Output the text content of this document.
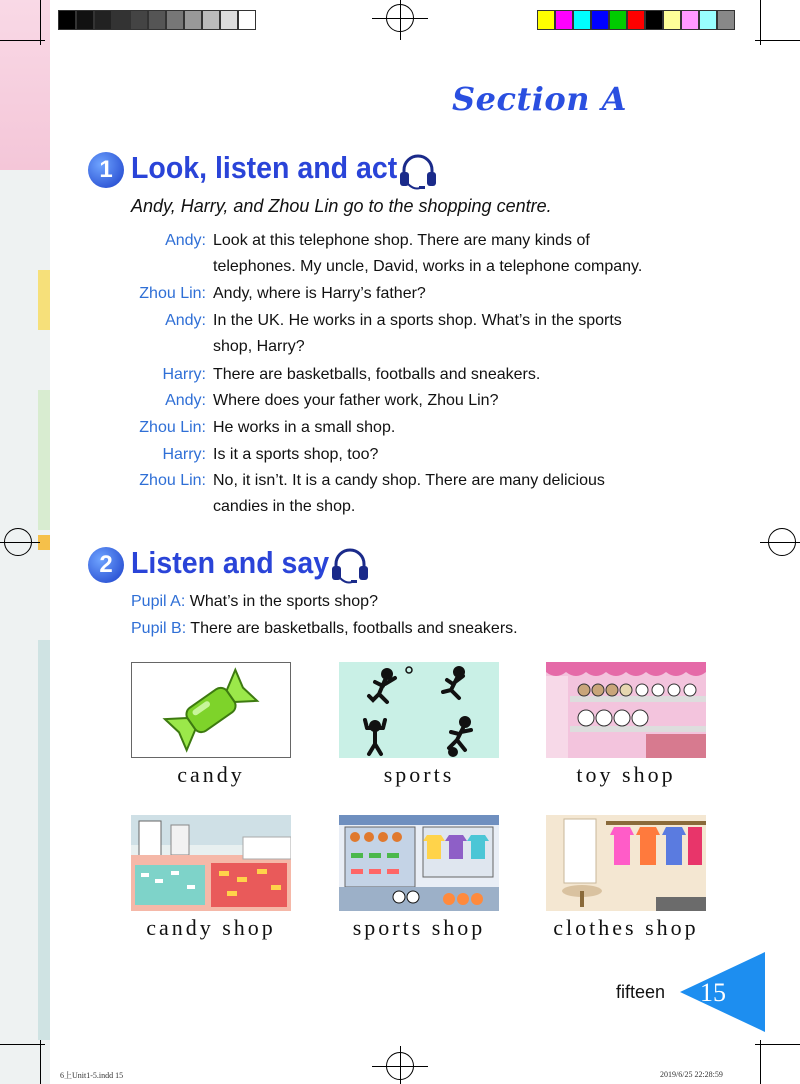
Section A
1 Look, listen and act
Andy, Harry, and Zhou Lin go to the shopping centre.
Andy: Look at this telephone shop. There are many kinds of
telephones. My uncle, David, works in a telephone company.
Zhou Lin: Andy, where is Harry’s father?
Andy: In the UK. He works in a sports shop. What’s in the sports
shop, Harry?
Harry: There are basketballs, footballs and sneakers.
Andy: Where does your father work, Zhou Lin?
Zhou Lin: He works in a small shop.
Harry: Is it a sports shop, too?
Zhou Lin: No, it isn’t. It is a candy shop. There are many delicious
candies in the shop.
2 Listen and say
Pupil A: What’s in the sports shop?
Pupil B: There are basketballs, footballs and sneakers.
candy	sports	toy shop
candy shop	sports shop	clothes shop
fifteen 15
6上Unit1-5.indd 15	2019/6/25 22:28:59
